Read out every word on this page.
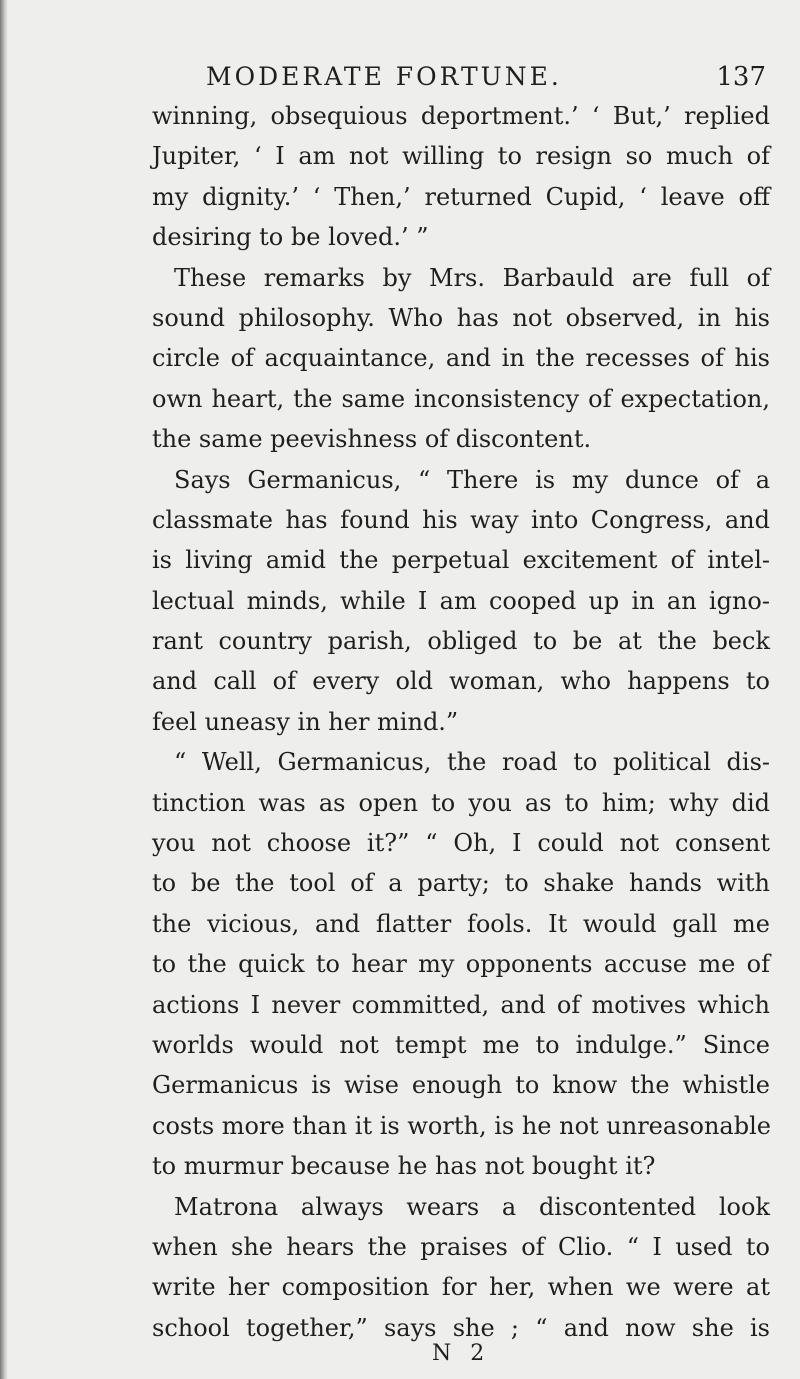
MODERATE FORTUNE.	137
winning, obsequious deportment.’ ‘ But,’ replied
Jupiter, ‘ I am not willing to resign so much of
my dignity.’ ‘ Then,’ returned Cupid, ‘ leave off
desiring to be loved.’ ”
These remarks by Mrs. Barbauld are full of
sound philosophy. Who has not observed, in his
circle of acquaintance, and in the recesses of his
own heart, the same inconsistency of expectation,
the same peevishness of discontent.
Says Germanicus, “ There is my dunce of a
classmate has found his way into Congress, and
is living amid the perpetual excitement of intel-
lectual minds, while I am cooped up in an igno-
rant country parish, obliged to be at the beck
and call of every old woman, who happens to
feel uneasy in her mind.”
“ Well, Germanicus, the road to political dis-
tinction was as open to you as to him; why did
you not choose it?” “ Oh, I could not consent
to be the tool of a party; to shake hands with
the vicious, and flatter fools. It would gall me
to the quick to hear my opponents accuse me of
actions I never committed, and of motives which
worlds would not tempt me to indulge.” Since
Germanicus is wise enough to know the whistle
costs more than it is worth, is he not unreasonable
to murmur because he has not bought it?
Matrona always wears a discontented look
when she hears the praises of Clio. “ I used to
write her composition for her, when we were at
school together,” says she ; “ and now she is
N 2
